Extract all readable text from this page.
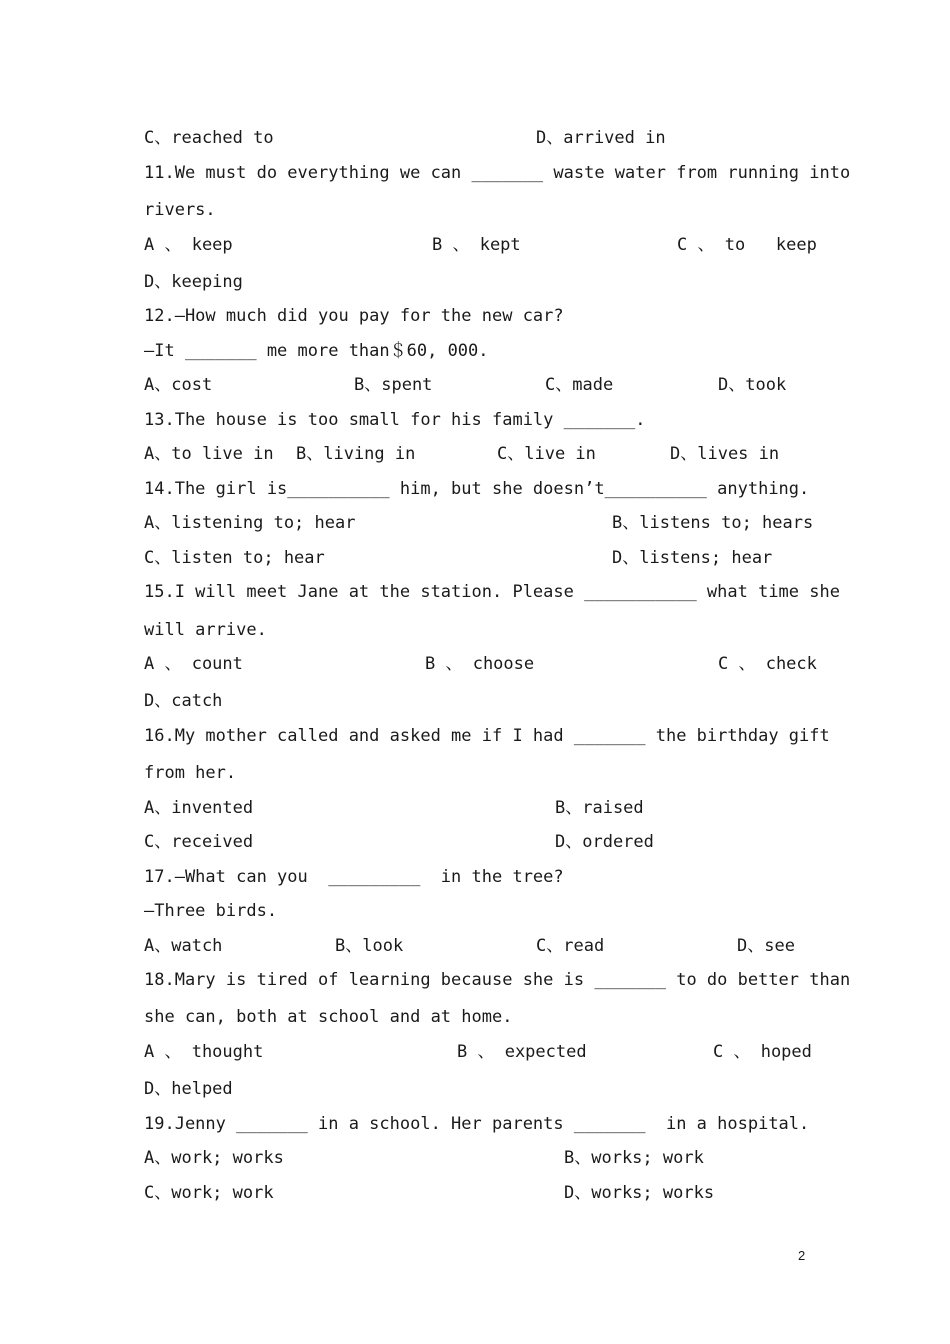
C、reached to	D、arrived in
11.We must do everything we can _______ waste water from running into
rivers.
A 、 keep	B 、 kept	C 、 to   keep
D、keeping
12.—How much did you pay for the new car?
—It _______ me more than＄60, 000.
A、cost	B、spent	C、made	D、took
13.The house is too small for his family _______.
A、to live in B、living in	C、live in	D、lives in
14.The girl is__________ him, but she doesn’t__________ anything.
A、listening to; hear	B、listens to; hears
C、listen to; hear	D、listens; hear
15.I will meet Jane at the station. Please ___________ what time she
will arrive.
A 、 count	B 、 choose	C 、 check
D、catch
16.My mother called and asked me if I had _______ the birthday gift
from her.
A、invented	B、raised
C、received	D、ordered
17.—What can you  _________  in the tree?
—Three birds.
A、watch	B、look	C、read	D、see
18.Mary is tired of learning because she is _______ to do better than
she can, both at school and at home.
A 、 thought	B 、 expected	C 、 hoped
D、helped
19.Jenny _______ in a school. Her parents _______  in a hospital.
A、work; works	B、works; work
C、work; work	D、works; works
2
